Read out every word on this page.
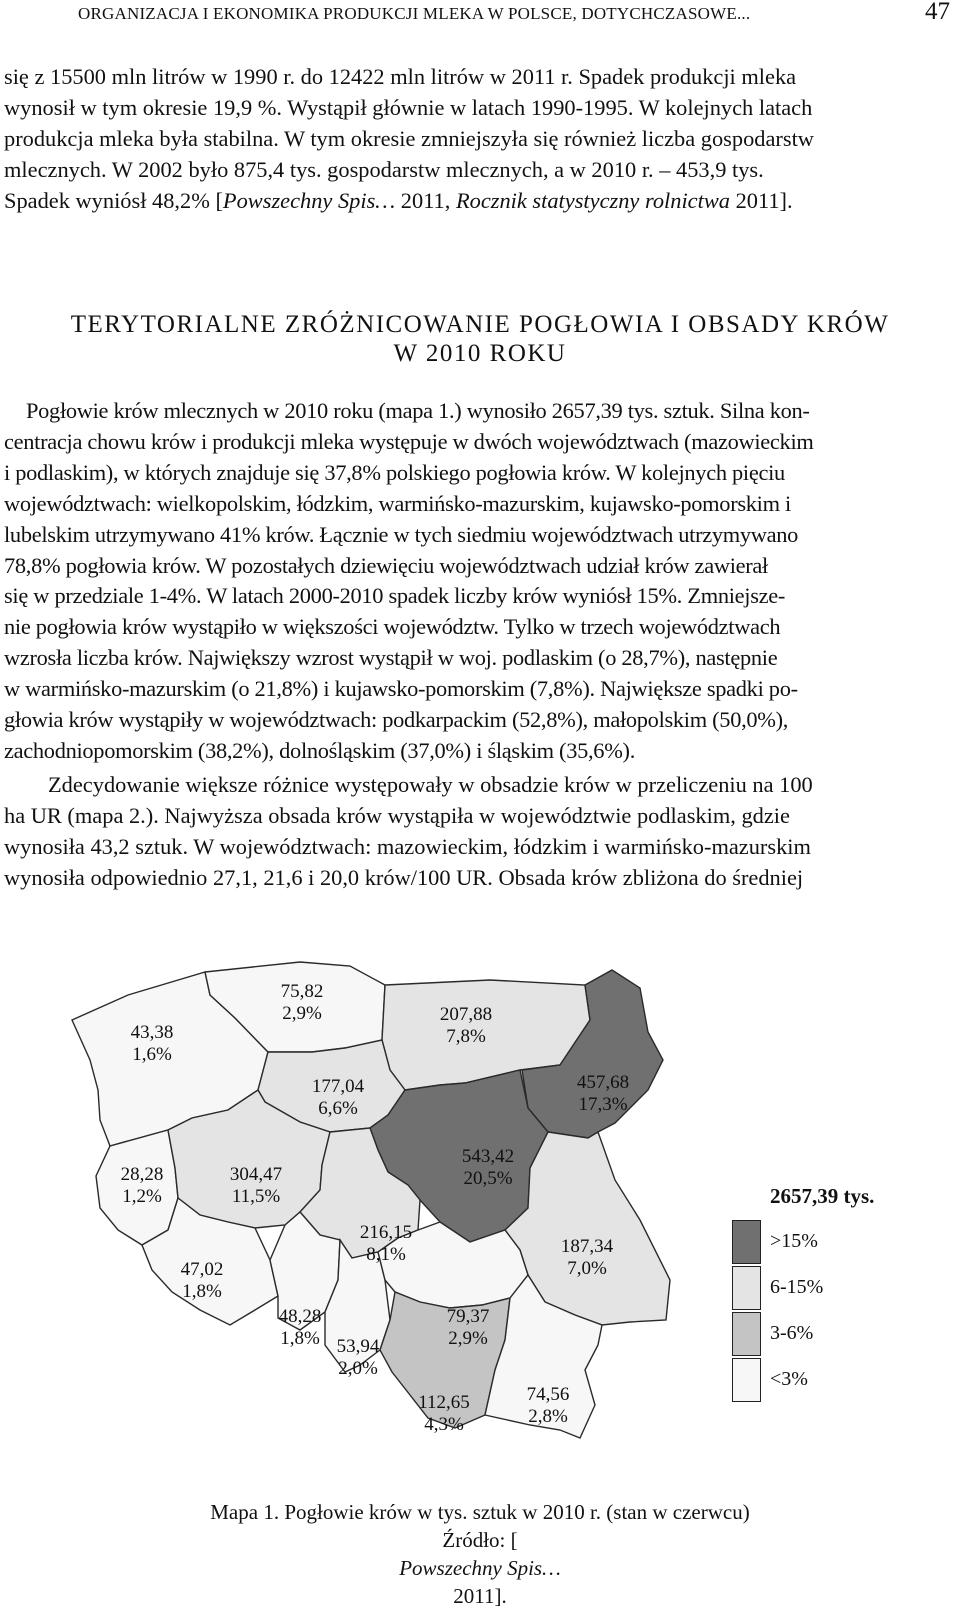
ORGANIZACJA I EKONOMIKA PRODUKCJI MLEKA W POLSCE, DOTYCHCZASOWE...	47
się z 15500 mln litrów w 1990 r. do 12422 mln litrów w 2011 r. Spadek produkcji mleka
wynosił w tym okresie 19,9 %. Wystąpił głównie w latach 1990-1995. W kolejnych latach
produkcja mleka była stabilna. W tym okresie zmniejszyła się również liczba gospodarstw
mlecznych. W 2002 było 875,4 tys. gospodarstw mlecznych, a w 2010 r. – 453,9 tys.
Spadek wyniósł 48,2% [Powszechny Spis… 2011, Rocznik statystyczny rolnictwa 2011].
TERYTORIALNE ZRÓŻNICOWANIE POGŁOWIA I OBSADY KRÓW
W 2010 ROKU
Pogłowie krów mlecznych w 2010 roku (mapa 1.) wynosiło 2657,39 tys. sztuk. Silna kon-
centracja chowu krów i produkcji mleka występuje w dwóch województwach (mazowieckim
i podlaskim), w których znajduje się 37,8% polskiego pogłowia krów. W kolejnych pięciu
województwach: wielkopolskim, łódzkim, warmińsko-mazurskim, kujawsko-pomorskim i
lubelskim utrzymywano 41% krów. Łącznie w tych siedmiu województwach utrzymywano
78,8% pogłowia krów. W pozostałych dziewięciu województwach udział krów zawierał
się w przedziale 1-4%. W latach 2000-2010 spadek liczby krów wyniósł 15%. Zmniejsze-
nie pogłowia krów wystąpiło w większości województw. Tylko w trzech województwach
wzrosła liczba krów. Największy wzrost wystąpił w woj. podlaskim (o 28,7%), następnie
w warmińsko-mazurskim (o 21,8%) i kujawsko-pomorskim (7,8%). Największe spadki po-
głowia krów wystąpiły w województwach: podkarpackim (52,8%), małopolskim (50,0%),
zachodniopomorskim (38,2%), dolnośląskim (37,0%) i śląskim (35,6%).
Zdecydowanie większe różnice występowały w obsadzie krów w przeliczeniu na 100
ha UR (mapa 2.). Najwyższa obsada krów wystąpiła w województwie podlaskim, gdzie
wynosiła 43,2 sztuk. W województwach: mazowieckim, łódzkim i warmińsko-mazurskim
wynosiła odpowiednio 27,1, 21,6 i 20,0 krów/100 UR. Obsada krów zbliżona do średniej
43,38 1,6%
75,82 2,9%	207,88 7,8%
457,68 17,3%
177,04 6,6%
543,42 20,5%
28,28 1,2%
304,47 11,5%
216,15 8,1%	187,34 7,0%
47,02 1,8%
48,28 1,8% 53,94 2,0%
79,37 2,9%
112,65 4,3%
74,56 2,8%
2657,39 tys.
>15%
6-15%
3-6%
<3%
Mapa 1. Pogłowie krów w tys. sztuk w 2010 r. (stan w czerwcu)
Źródło: [
Powszechny Spis…
2011].
